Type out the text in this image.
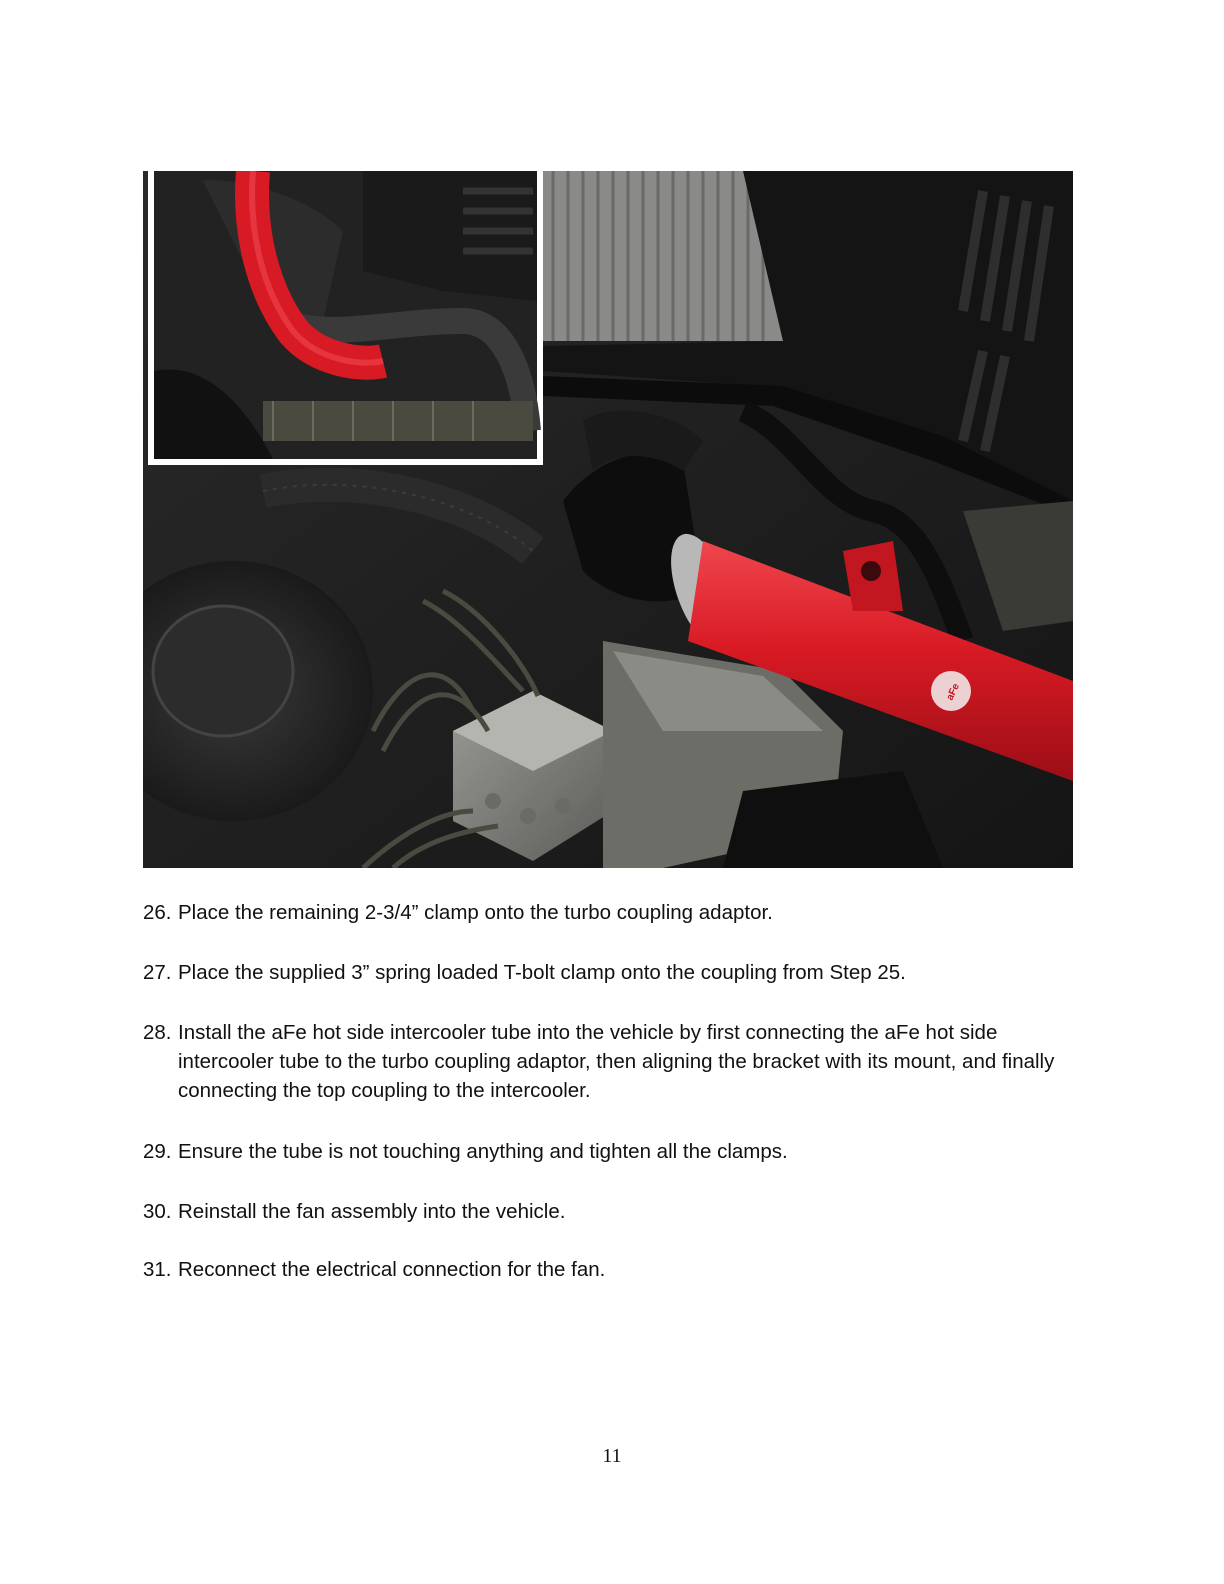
aFe
26. Place the remaining 2-3/4” clamp onto the turbo coupling adaptor.
27. Place the supplied 3” spring loaded T-bolt clamp onto the coupling from Step 25.
28. Install the aFe hot side intercooler tube into the vehicle by first connecting the aFe hot side intercooler tube to the turbo coupling adaptor, then aligning the bracket with its mount, and finally connecting the top coupling to the intercooler.
29. Ensure the tube is not touching anything and tighten all the clamps.
30. Reinstall the fan assembly into the vehicle.
31. Reconnect the electrical connection for the fan.
11
